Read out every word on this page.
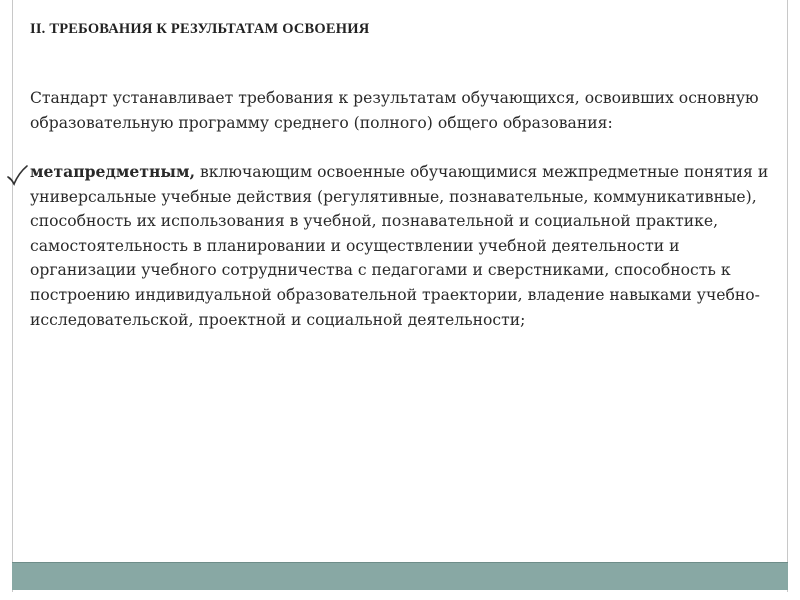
II. ТРЕБОВАНИЯ К РЕЗУЛЬТАТАМ ОСВОЕНИЯ
Стандарт устанавливает требования к результатам обучающихся, освоивших основную образовательную программу среднего (полного) общего образования:
метапредметным, включающим освоенные обучающимися межпредметные понятия и универсальные учебные действия (регулятивные, познавательные, коммуникативные), способность их использования в учебной, познавательной и социальной практике, самостоятельность в планировании и осуществлении учебной деятельности и организации учебного сотрудничества с педагогами и сверстниками, способность к построению индивидуальной образовательной траектории, владение навыками учебно-исследовательской, проектной и социальной деятельности;
